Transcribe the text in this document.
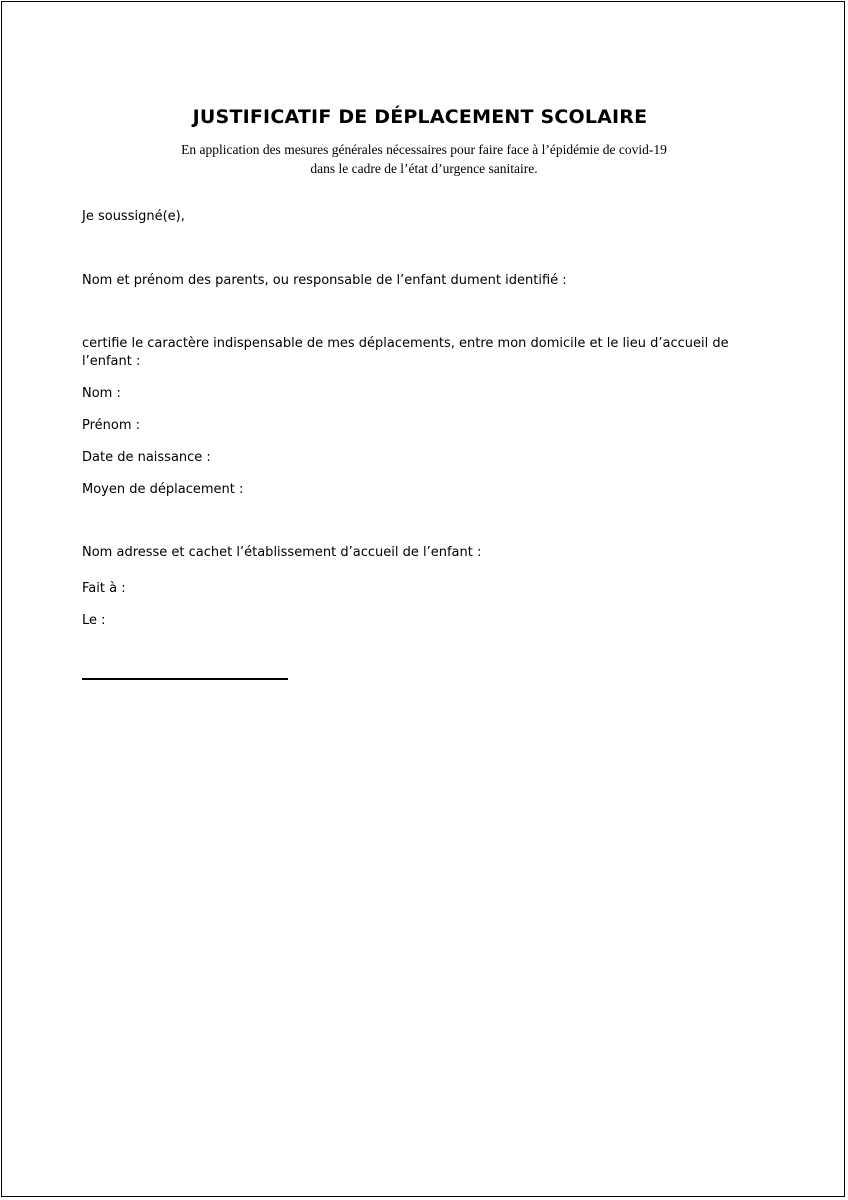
JUSTIFICATIF DE DÉPLACEMENT SCOLAIRE

En application des mesures générales nécessaires pour faire face à l’épidémie de covid-19

dans le cadre de l’état d’urgence sanitaire.

Je soussigné(e),

Nom et prénom des parents, ou responsable de l’enfant dument identifié :

certifie le caractère indispensable de mes déplacements, entre mon domicile et le lieu d’accueil de

l’enfant :

Nom :

Prénom :

Date de naissance :

Moyen de déplacement :

Nom adresse et cachet l’établissement d’accueil de l’enfant :

Fait à :

Le :
